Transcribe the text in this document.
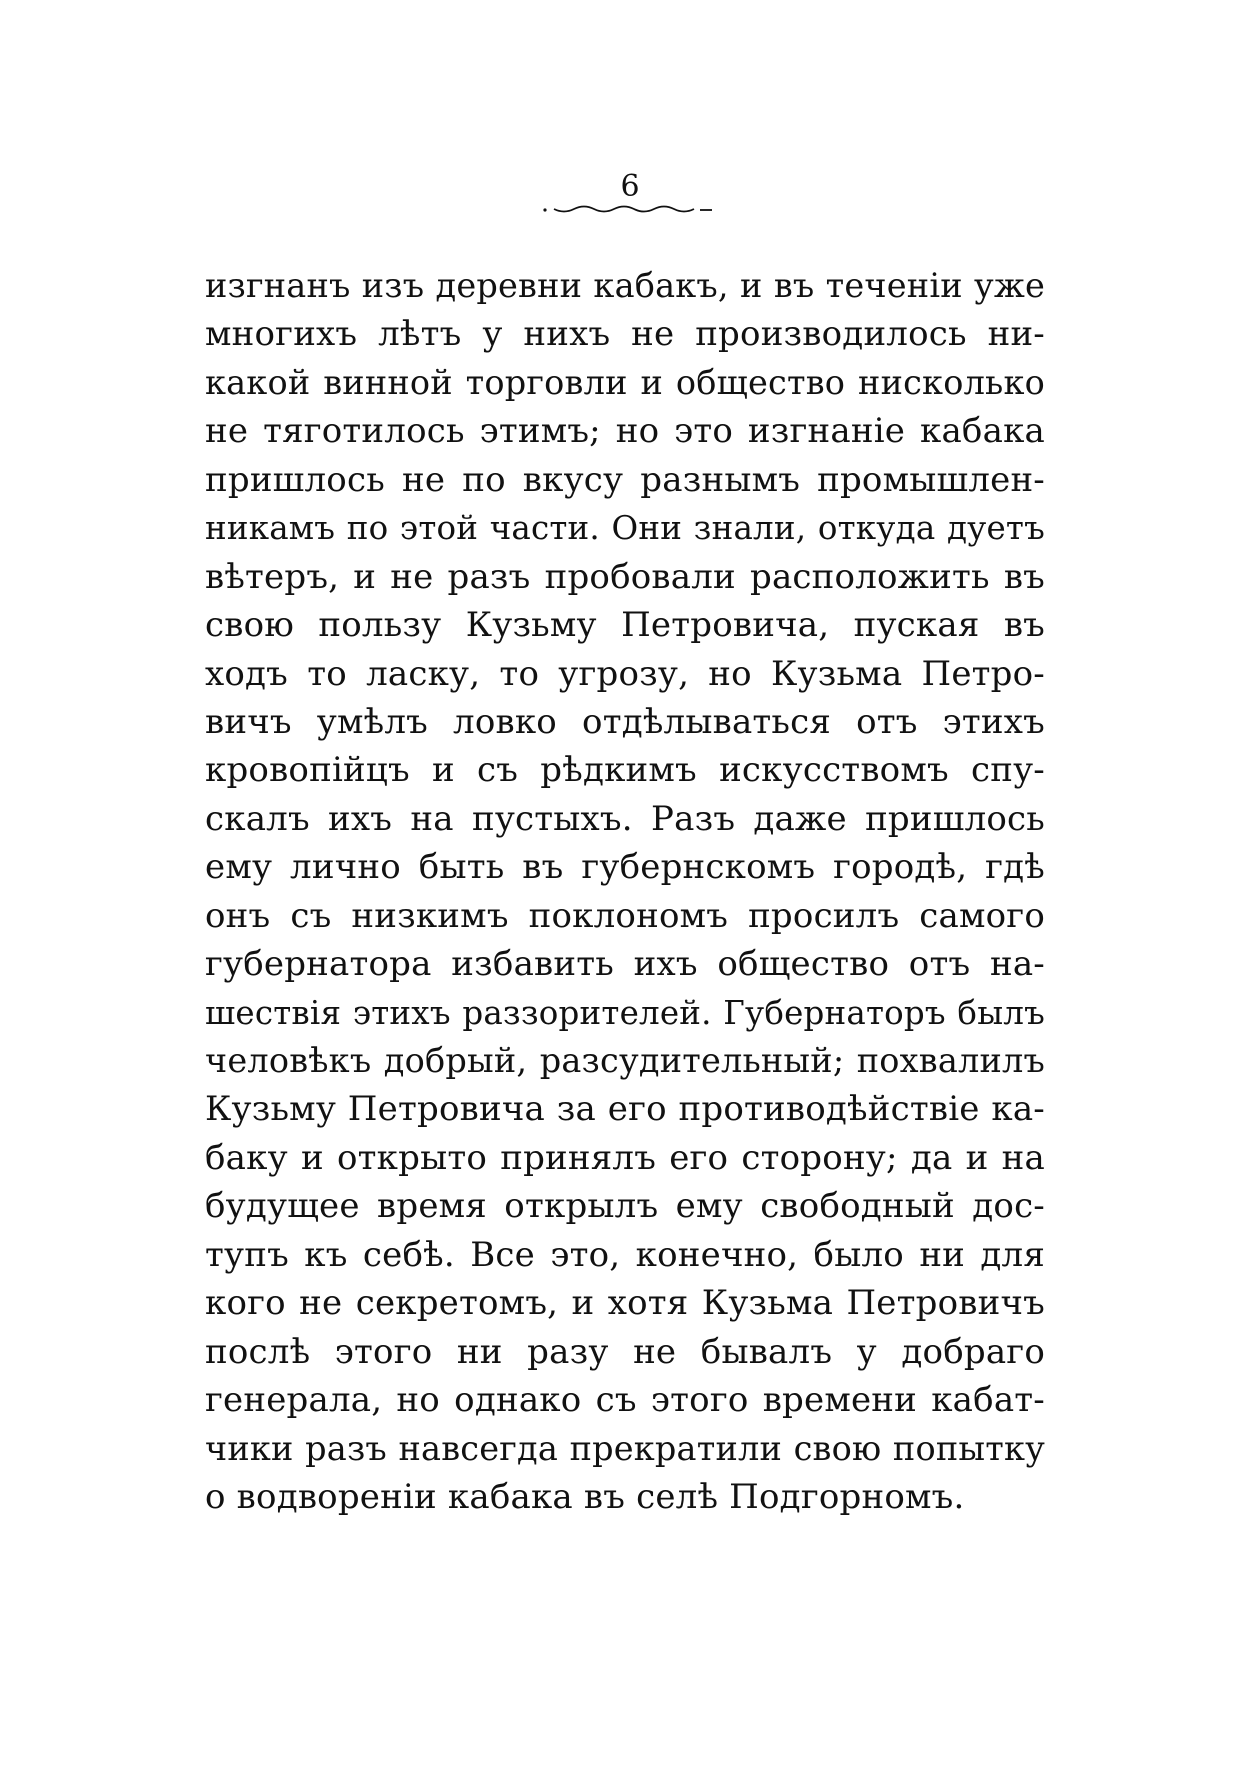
6
изгнанъ изъ деревни кабакъ, и въ теченіи уже
многихъ лѣтъ у нихъ не производилось ни-
какой винной торговли и общество нисколько
не тяготилось этимъ; но это изгнаніе кабака
пришлось не по вкусу разнымъ промышлен-
никамъ по этой части. Они знали, откуда дуетъ
вѣтеръ, и не разъ пробовали расположить въ
свою пользу Кузьму Петровича, пуская въ
ходъ то ласку, то угрозу, но Кузьма Петро-
вичъ умѣлъ ловко отдѣлываться отъ этихъ
кровопійцъ и съ рѣдкимъ искусствомъ спу-
скалъ ихъ на пустыхъ. Разъ даже пришлось
ему лично быть въ губернскомъ городѣ, гдѣ
онъ съ низкимъ поклономъ просилъ самого
губернатора избавить ихъ общество отъ на-
шествія этихъ раззорителей. Губернаторъ былъ
человѣкъ добрый, разсудительный; похвалилъ
Кузьму Петровича за его противодѣйствіе ка-
баку и открыто принялъ его сторону; да и на
будущее время открылъ ему свободный дос-
тупъ къ себѣ. Все это, конечно, было ни для
кого не секретомъ, и хотя Кузьма Петровичъ
послѣ этого ни разу не бывалъ у добраго
генерала, но однако съ этого времени кабат-
чики разъ навсегда прекратили свою попытку
о водвореніи кабака въ селѣ Подгорномъ.
